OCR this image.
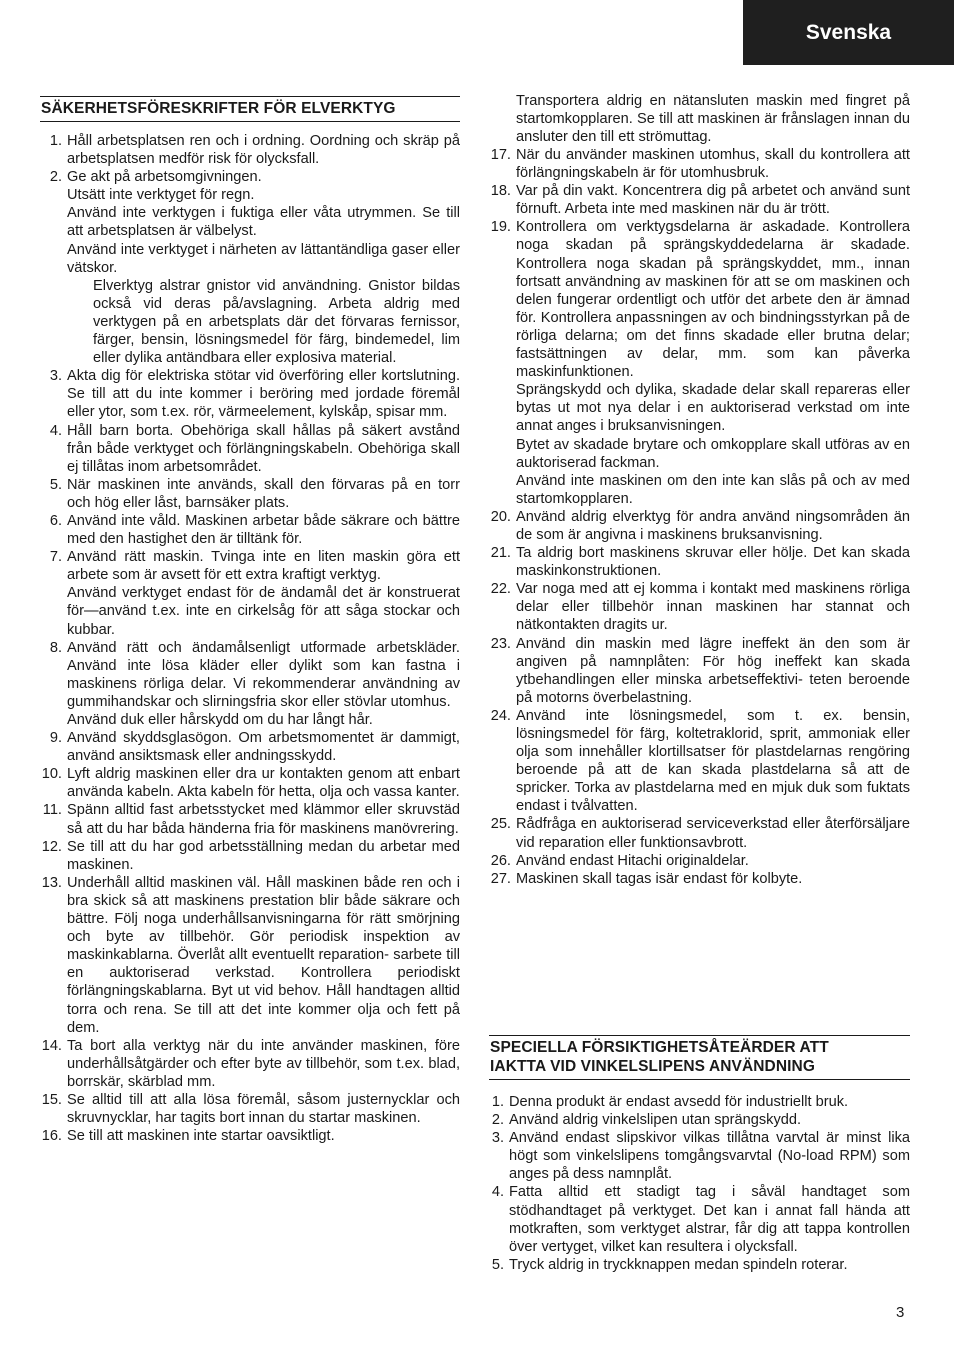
Svenska
SÄKERHETSFÖRESKRIFTER FÖR ELVERKTYG
1. Håll arbetsplatsen ren och i ordning. Oordning och skräp på arbetsplatsen medför risk för olycksfall.

2. Ge akt på arbetsomgivningen.

Utsätt inte verktyget för regn.

Använd inte verktygen i fuktiga eller våta utrymmen. Se till att arbetsplatsen är välbelyst.

Använd inte verktyget i närheten av lättantändliga gaser eller vätskor.

Elverktyg alstrar gnistor vid användning. Gnistor bildas också vid deras på/avslagning. Arbeta aldrig med verktygen på en arbetsplats där det förvaras fernissor, färger, bensin, lösningsmedel för färg, bindemedel, lim eller dylika antändbara eller explosiva material.

3. Akta dig för elektriska stötar vid överföring eller kortslutning. Se till att du inte kommer i beröring med jordade föremål eller ytor, som t.ex. rör, värmeelement, kylskåp, spisar mm.

4. Håll barn borta. Obehöriga skall hållas på säkert avstånd från både verktyget och förlängningskabeln. Obehöriga skall ej tillåtas inom arbetsområdet.

5. När maskinen inte används, skall den förvaras på en torr och hög eller låst, barnsäker plats.

6. Använd inte våld. Maskinen arbetar både säkrare och bättre med den hastighet den är tilltänk för.

7. Använd rätt maskin. Tvinga inte en liten maskin göra ett arbete som är avsett för ett extra kraftigt verktyg.

Använd verktyget endast för de ändamål det är konstruerat för—använd t.ex. inte en cirkelsåg för att såga stockar och kubbar.

8. Använd rätt och ändamålsenligt utformade arbetskläder. Använd inte lösa kläder eller dylikt som kan fastna i maskinens rörliga delar. Vi rekommenderar användning av gummihandskar och slirningsfria skor eller stövlar utomhus.

Använd duk eller hårskydd om du har långt hår.

9. Använd skyddsglasögon. Om arbetsmomentet är dammigt, använd ansiktsmask eller andningsskydd.

10. Lyft aldrig maskinen eller dra ur kontakten genom att enbart använda kabeln. Akta kabeln för hetta, olja och vassa kanter.

11. Spänn alltid fast arbetsstycket med klämmor eller skruvstäd så att du har båda händerna fria för maskinens manövrering.

12. Se till att du har god arbetsställning medan du arbetar med maskinen.

13. Underhåll alltid maskinen väl. Håll maskinen både ren och i bra skick så att maskinens prestation blir både säkrare och bättre. Följ noga underhållsanvisningarna för rätt smörjning och byte av tillbehör. Gör periodisk inspektion av maskinkablarna. Överlåt allt eventuellt reparation- sarbete till en auktoriserad verkstad. Kontrollera periodiskt förlängningskablarna. Byt ut vid behov. Håll handtagen alltid torra och rena. Se till att det inte kommer olja och fett på dem.

14. Ta bort alla verktyg när du inte använder maskinen, före underhållsåtgärder och efter byte av tillbehör, som t.ex. blad, borrskär, skärblad mm.

15. Se alltid till att alla lösa föremål, såsom justernycklar och skruvnycklar, har tagits bort innan du startar maskinen.

16. Se till att maskinen inte startar oavsiktligt.

Transportera aldrig en nätansluten maskin med fingret på startomkopplaren. Se till att maskinen är frånslagen innan du ansluter den till ett strömuttag.
17. När du använder maskinen utomhus, skall du kontrollera att förlängningskabeln är för utomhusbruk.

18. Var på din vakt. Koncentrera dig på arbetet och använd sunt förnuft. Arbeta inte med maskinen när du är trött.

19. Kontrollera om verktygsdelarna är askadade. Kontrollera noga skadan på sprängskyddedelarna är skadade. Kontrollera noga skadan på sprängskyddet, mm., innan fortsatt användning av maskinen för att se om maskinen och delen fungerar ordentligt och utför det arbete den är ämnad för. Kontrollera anpassningen av och bindningsstyrkan på de rörliga delarna; om det finns skadade eller brutna delar; fastsättningen av delar, mm. som kan påverka maskinfunktionen.

Sprängskydd och dylika, skadade delar skall repareras eller bytas ut mot nya delar i en auktoriserad verkstad om inte annat anges i bruksanvisningen.

Bytet av skadade brytare och omkopplare skall utföras av en auktoriserad fackman.

Använd inte maskinen om den inte kan slås på och av med startomkopplaren.

20. Använd aldrig elverktyg för andra använd ningsområden än de som är angivna i maskinens bruksanvisning.

21. Ta aldrig bort maskinens skruvar eller hölje. Det kan skada maskinkonstruktionen.

22. Var noga med att ej komma i kontakt med maskinens rörliga delar eller tillbehör innan maskinen har stannat och nätkontakten dragits ur.

23. Använd din maskin med lägre ineffekt än den som är angiven på namnplåten: För hög ineffekt kan skada ytbehandlingen eller minska arbetseffektivi- teten beroende på motorns överbelastning.

24. Använd inte lösningsmedel, som t. ex. bensin, lösningsmedel för färg, koltetraklorid, sprit, ammoniak eller olja som innehåller klortillsatser för plastdelarnas rengöring beroende på att de kan skada plastdelarna så att de spricker. Torka av plastdelarna med en mjuk duk som fuktats endast i tvålvatten.

25. Rådfråga en auktoriserad serviceverkstad eller återförsäljare vid reparation eller funktionsavbrott.

26. Använd endast Hitachi originaldelar.

27. Maskinen skall tagas isär endast för kolbyte.

SPECIELLA FÖRSIKTIGHETSÅTEÄRDER ATT
IAKTTA VID VINKELSLIPENS ANVÄNDNING
1. Denna produkt är endast avsedd för industriellt bruk.

2. Använd aldrig vinkelslipen utan sprängskydd.

3. Använd endast slipskivor vilkas tillåtna varvtal är minst lika högt som vinkelslipens tomgångsvarvtal (No-load RPM) som anges på dess namnplåt.

4. Fatta alltid ett stadigt tag i såväl handtaget som stödhandtaget på verktyget. Det kan i annat fall hända att motkraften, som verktyget alstrar, får dig att tappa kontrollen över vertyget, vilket kan resultera i olycksfall.

5. Tryck aldrig in tryckknappen medan spindeln roterar.

3
